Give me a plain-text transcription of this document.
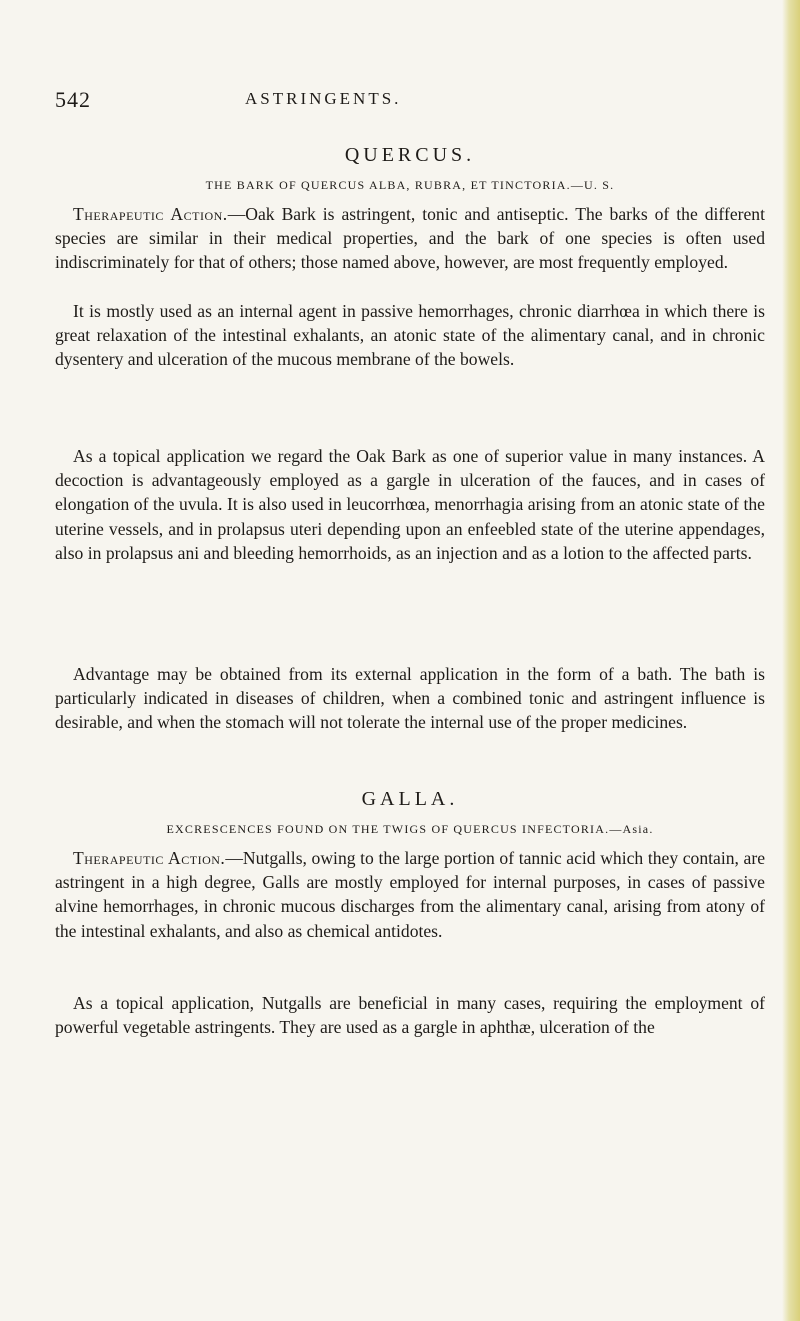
542	ASTRINGENTS.
QUERCUS.
THE BARK OF QUERCUS ALBA, RUBRA, ET TINCTORIA.—U. S.

Therapeutic Action.—Oak Bark is astringent, tonic and antiseptic. The barks of the different species are similar in their medical properties, and the bark of one species is often used indiscriminately for that of others; those named above, however, are most frequently employed.

It is mostly used as an internal agent in passive hemorrhages, chronic diarrhœa in which there is great relaxation of the intestinal exhalants, an atonic state of the alimentary canal, and in chronic dysentery and ulceration of the mucous membrane of the bowels.

As a topical application we regard the Oak Bark as one of superior value in many instances. A decoction is advantageously employed as a gargle in ulceration of the fauces, and in cases of elongation of the uvula. It is also used in leucorrhœa, menorrhagia arising from an atonic state of the uterine vessels, and in prolapsus uteri depending upon an enfeebled state of the uterine appendages, also in prolapsus ani and bleeding hemorrhoids, as an injection and as a lotion to the affected parts.

Advantage may be obtained from its external application in the form of a bath. The bath is particularly indicated in diseases of children, when a combined tonic and astringent influence is desirable, and when the stomach will not tolerate the internal use of the proper medicines.

GALLA.
EXCRESCENCES FOUND ON THE TWIGS OF QUERCUS INFECTORIA.—Asia.

Therapeutic Action.—Nutgalls, owing to the large portion of tannic acid which they contain, are astringent in a high degree, Galls are mostly employed for internal purposes, in cases of passive alvine hemorrhages, in chronic mucous discharges from the alimentary canal, arising from atony of the intestinal exhalants, and also as chemical antidotes.

As a topical application, Nutgalls are beneficial in many cases, requiring the employment of powerful vegetable astringents. They are used as a gargle in aphthæ, ulceration of the
